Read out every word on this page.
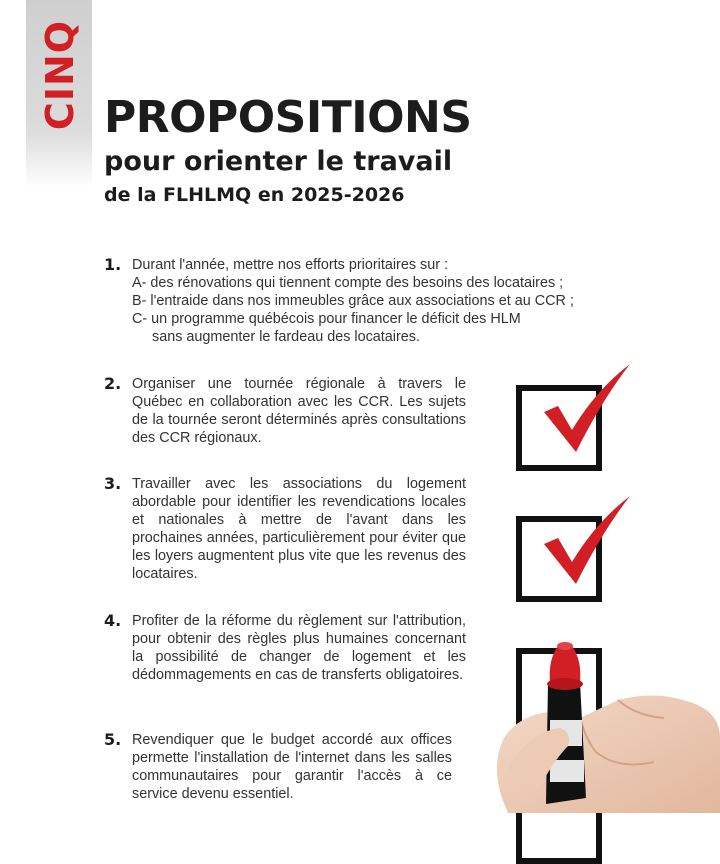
CINQ PROPOSITIONS
pour orienter le travail
de la FLHLMQ en 2025-2026
1. Durant l'année, mettre nos efforts prioritaires sur :
A- des rénovations qui tiennent compte des besoins des locataires ;
B- l'entraide dans nos immeubles grâce aux associations et au CCR ;
C- un programme québécois pour financer le déficit des HLM
sans augmenter le fardeau des locataires.
2. Organiser une tournée régionale à travers le Québec en collaboration avec les CCR. Les sujets de la tournée seront déterminés après consultations des CCR régionaux.
3. Travailler avec les associations du logement abordable pour identifier les revendications locales et nationales à mettre de l'avant dans les prochaines années, particulièrement pour éviter que les loyers augmentent plus vite que les revenus des locataires.
4. Profiter de la réforme du règlement sur l'attribution, pour obtenir des règles plus humaines concernant la possibilité de changer de logement et les dédommagements en cas de transferts obligatoires.
5. Revendiquer que le budget accordé aux offices permette l'installation de l'internet dans les salles communautaires pour garantir l'accès à ce service devenu essentiel.
